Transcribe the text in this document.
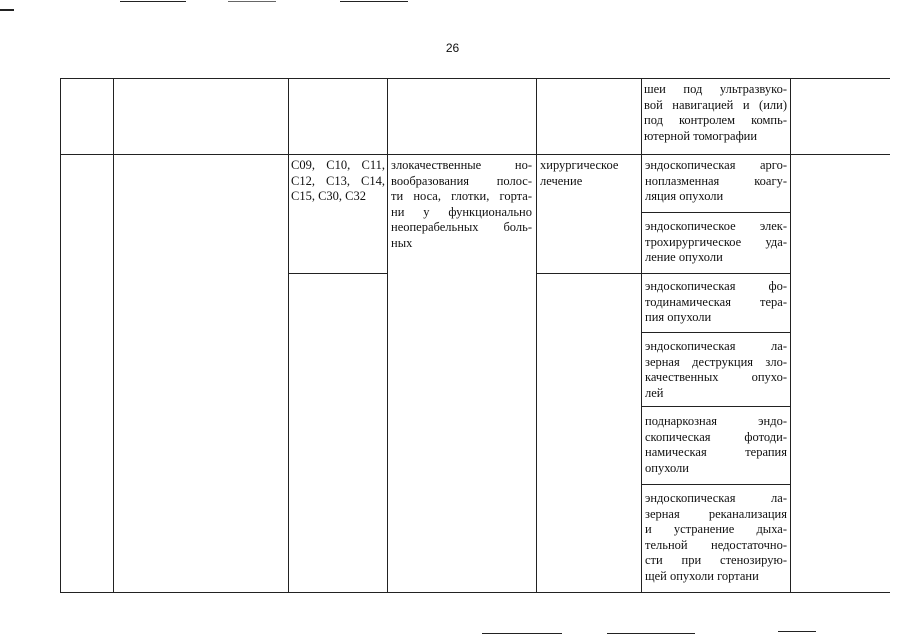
26
шеи под ультразвуко-
вой навигацией и (или)
под контролем компь-
ютерной томографии
С09, С10, С11,
С12, С13, С14,
С15, С30, С32
злокачественные но-
вообразования полос-
ти носа, глотки, горта-
ни у функционально
неоперабельных боль-
ных
хирургическое
лечение
эндоскопическая арго-
ноплазменная коагу-
ляция опухоли
эндоскопическое элек-
трохирургическое уда-
ление опухоли
эндоскопическая фо-
тодинамическая тера-
пия опухоли
эндоскопическая ла-
зерная деструкция зло-
качественных опухо-
лей
поднаркозная эндо-
скопическая фотоди-
намическая терапия
опухоли
эндоскопическая ла-
зерная реканализация
и устранение дыха-
тельной недостаточно-
сти при стенозирую-
щей опухоли гортани
